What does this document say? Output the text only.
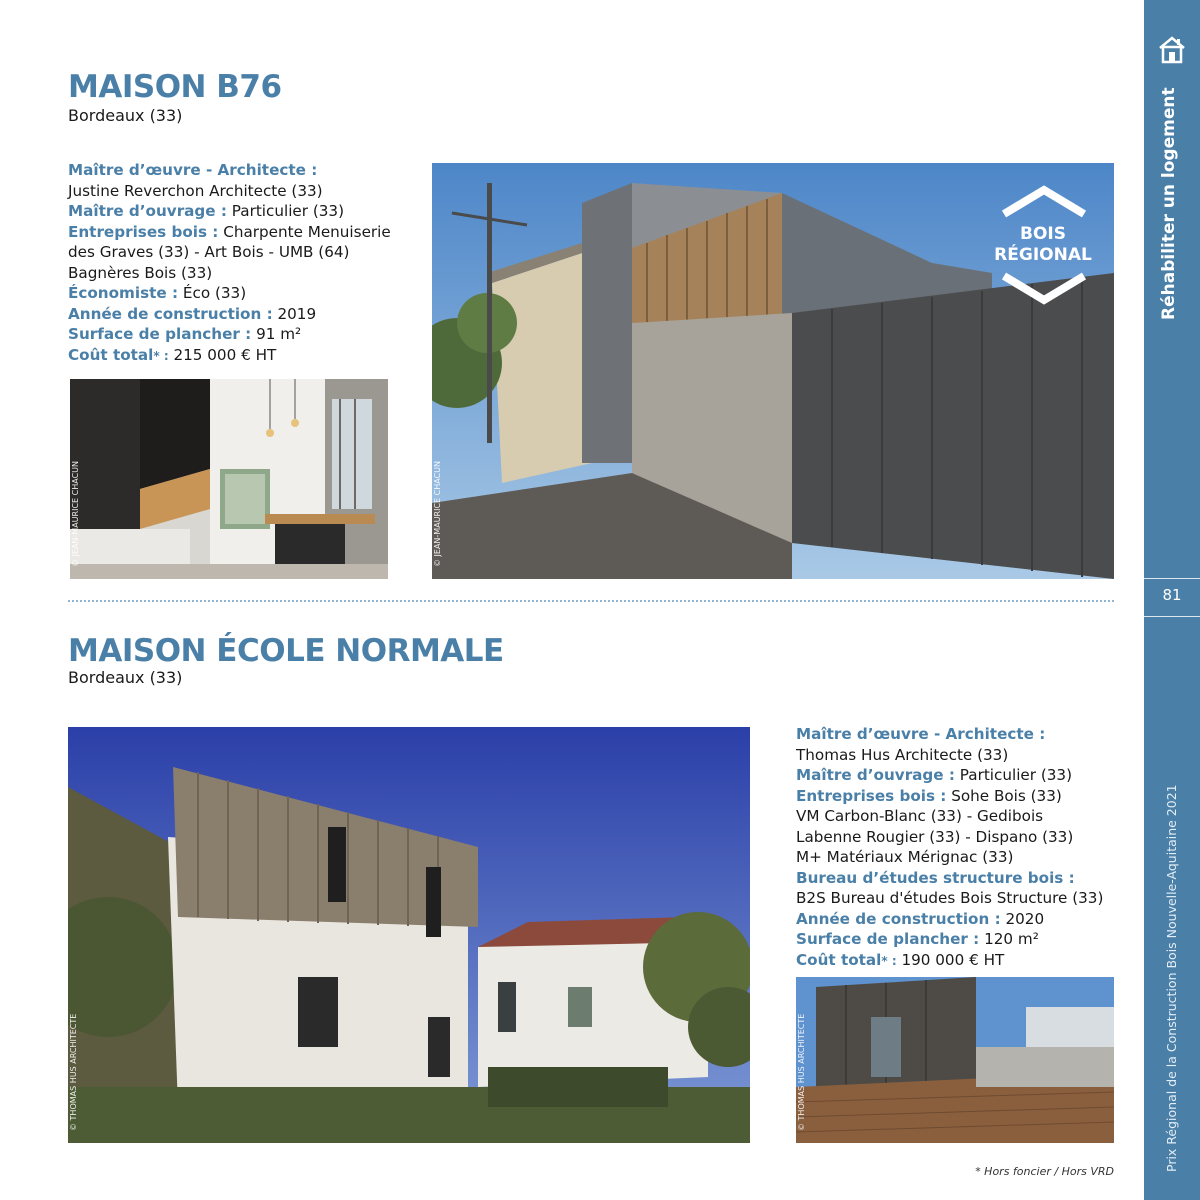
MAISON B76
Bordeaux (33)
Maître d’œuvre - Architecte :
Justine Reverchon Architecte (33)
Maître d’ouvrage : Particulier (33)
Entreprises bois : Charpente Menuiserie
des Graves (33) - Art Bois - UMB (64)
Bagnères Bois (33)
Économiste : Éco (33)
Année de construction : 2019
Surface de plancher : 91 m²
Coût total* : 215 000 € HT
© JEAN-MAURICE CHACUN	© JEAN-MAURICE CHACUN
BOIS
RÉGIONAL
MAISON ÉCOLE NORMALE
Bordeaux (33)
© THOMAS HUS ARCHITECTE
Maître d’œuvre - Architecte :
Thomas Hus Architecte (33)
Maître d’ouvrage : Particulier (33)
Entreprises bois : Sohe Bois (33)
VM Carbon-Blanc (33) - Gedibois
Labenne Rougier (33) - Dispano (33)
M+ Matériaux Mérignac (33)
Bureau d’études structure bois :
B2S Bureau d'études Bois Structure (33)
Année de construction : 2020
Surface de plancher : 120 m²
Coût total* : 190 000 € HT
© THOMAS HUS ARCHITECTE
* Hors foncier / Hors VRD
Réhabiliter un logement
81
Prix Régional de la Construction Bois Nouvelle-Aquitaine 2021
